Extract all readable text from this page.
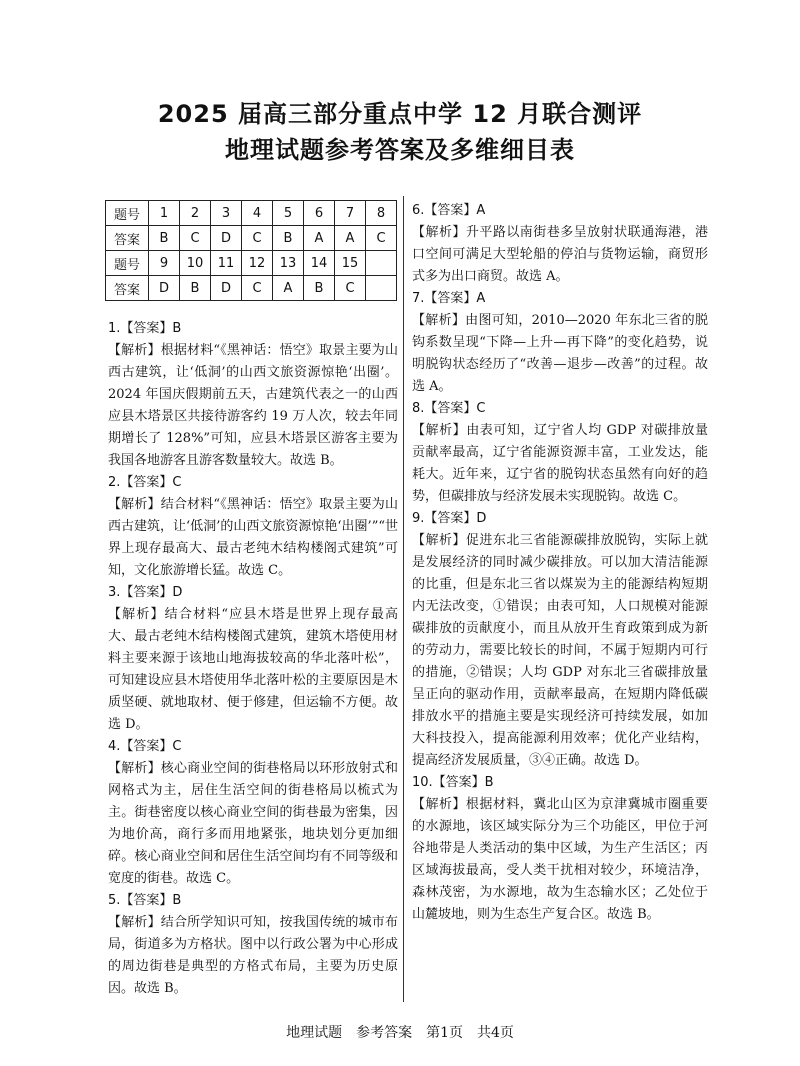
2025 届高三部分重点中学 12 月联合测评
地理试题参考答案及多维细目表
题号	1	2	3	4	5	6	7	8
答案	B	C	D	C	B	A	A	C
题号	9	10	11	12	13	14	15	
答案	D	B	D	C	A	B	C	

1.【答案】B

【解析】根据材料“《黑神话：悟空》取景主要为山西古建筑，让‘低洞’的山西文旅资源惊艳‘出圈’。2024 年国庆假期前五天，古建筑代表之一的山西应县木塔景区共接待游客约 19 万人次，较去年同期增长了 128%”可知，应县木塔景区游客主要为我国各地游客且游客数量较大。故选 B。

2.【答案】C

【解析】结合材料“《黑神话：悟空》取景主要为山西古建筑，让‘低洞’的山西文旅资源惊艳‘出圈’”“世界上现存最高大、最古老纯木结构楼阁式建筑”可知，文化旅游增长猛。故选 C。

3.【答案】D

【解析】结合材料“应县木塔是世界上现存最高大、最古老纯木结构楼阁式建筑，建筑木塔使用材料主要来源于该地山地海拔较高的华北落叶松”，可知建设应县木塔使用华北落叶松的主要原因是木质坚硬、就地取材、便于修建，但运输不方便。故选 D。

4.【答案】C

【解析】核心商业空间的街巷格局以环形放射式和网格式为主，居住生活空间的街巷格局以梳式为主。街巷密度以核心商业空间的街巷最为密集，因为地价高，商行多而用地紧张，地块划分更加细碎。核心商业空间和居住生活空间均有不同等级和宽度的街巷。故选 C。

5.【答案】B

【解析】结合所学知识可知，按我国传统的城市布局，街道多为方格状。图中以行政公署为中心形成的周边街巷是典型的方格式布局，主要为历史原因。故选 B。

6.【答案】A

【解析】升平路以南街巷多呈放射状联通海港，港口空间可满足大型轮船的停泊与货物运输，商贸形式多为出口商贸。故选 A。

7.【答案】A

【解析】由图可知，2010—2020 年东北三省的脱钩系数呈现“下降—上升—再下降”的变化趋势，说明脱钩状态经历了“改善—退步—改善”的过程。故选 A。

8.【答案】C

【解析】由表可知，辽宁省人均 GDP 对碳排放量贡献率最高，辽宁省能源资源丰富，工业发达，能耗大。近年来，辽宁省的脱钩状态虽然有向好的趋势，但碳排放与经济发展未实现脱钩。故选 C。

9.【答案】D

【解析】促进东北三省能源碳排放脱钩，实际上就是发展经济的同时减少碳排放。可以加大清洁能源的比重，但是东北三省以煤炭为主的能源结构短期内无法改变，①错误；由表可知，人口规模对能源碳排放的贡献度小，而且从放开生育政策到成为新的劳动力，需要比较长的时间，不属于短期内可行的措施，②错误；人均 GDP 对东北三省碳排放量呈正向的驱动作用，贡献率最高，在短期内降低碳排放水平的措施主要是实现经济可持续发展，如加大科技投入，提高能源利用效率；优化产业结构，提高经济发展质量，③④正确。故选 D。

10.【答案】B

【解析】根据材料，冀北山区为京津冀城市圈重要的水源地，该区域实际分为三个功能区，甲位于河谷地带是人类活动的集中区域，为生产生活区；丙区域海拔最高，受人类干扰相对较少，环境洁净，森林茂密，为水源地，故为生态输水区；乙处位于山麓坡地，则为生态生产复合区。故选 B。

地理试题　参考答案　第1页　共4页
